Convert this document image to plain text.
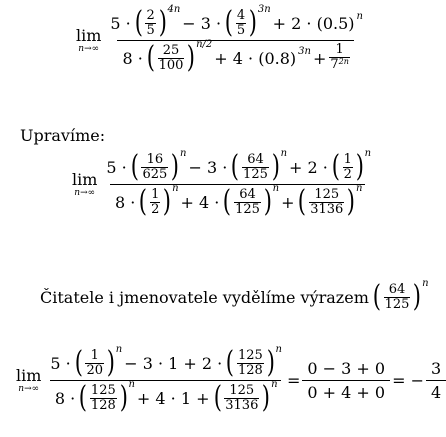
lim
n→∞
5 · ( $\frac{2}{5}$ ) 4n
− 3 · ( $\frac{4}{5}$ ) 3n
+ 2 · (0.5) n
8 · ( $\frac{25}{100}$ ) n/2
+ 4 · (0.8) $3n + \frac{1}{7^{2n}}$
Upravíme:
lim
n→∞
5 · ( $\frac{16}{625}$ ) n
− 3 · ( $\frac{64}{125}$ ) n
+ 2 · ( $\frac{1}{2}$ ) n
8 · ( $\frac{1}{2}$ ) n
+ 4 · ( $\frac{64}{125}$ ) n
+ ( $\frac{125}{3136}$ ) n
Čitatele i jmenovatele vydělíme výrazem ( $\frac{64}{125}$ ) n
lim
n→∞
5 · ( $\frac{1}{20}$ ) n
− 3 · 1 + 2 · ( $\frac{125}{128}$ ) n
8 · ( $\frac{125}{128}$ ) n
+ 4 · 1 + ( $\frac{125}{3136}$ ) $n = \frac{0 - 3 + 0}{0 + 4 + 0}$ = − $\frac{3}{4}$
